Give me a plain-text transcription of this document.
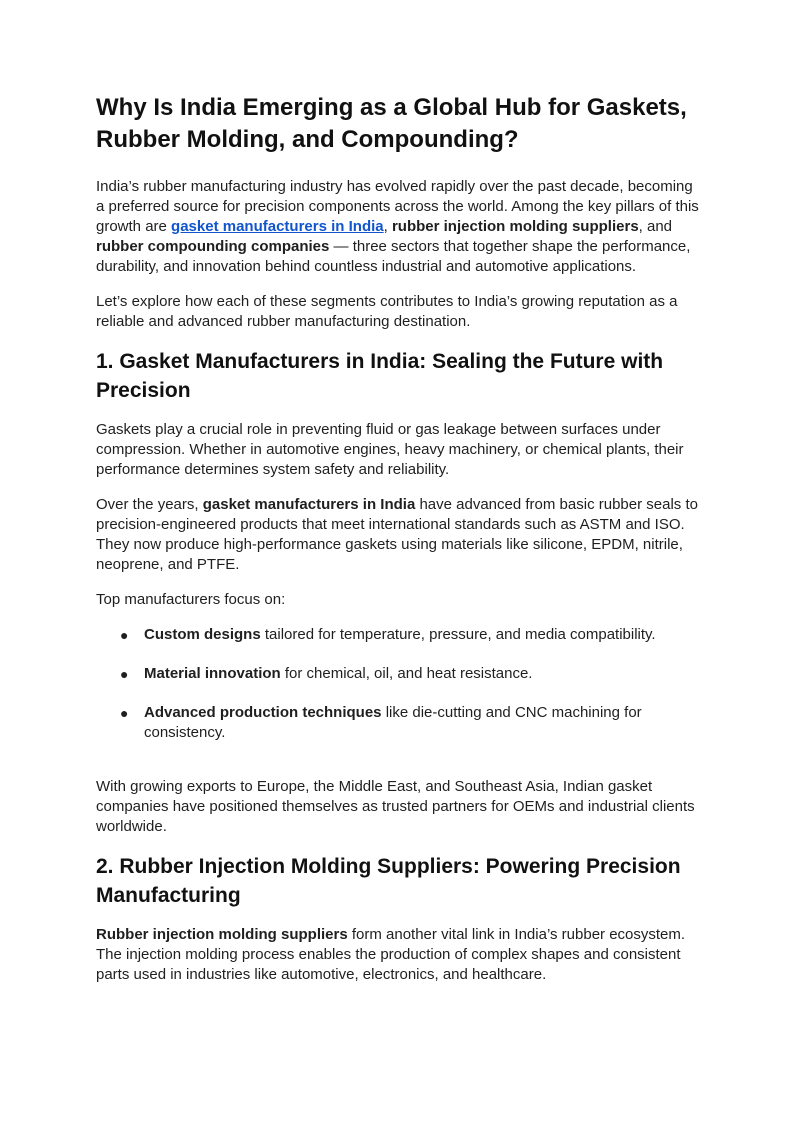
Why Is India Emerging as a Global Hub for Gaskets, Rubber Molding, and Compounding?

India’s rubber manufacturing industry has evolved rapidly over the past decade, becoming a preferred source for precision components across the world. Among the key pillars of this growth are gasket manufacturers in India, rubber injection molding suppliers, and rubber compounding companies — three sectors that together shape the performance, durability, and innovation behind countless industrial and automotive applications.

Let’s explore how each of these segments contributes to India’s growing reputation as a reliable and advanced rubber manufacturing destination.

1. Gasket Manufacturers in India: Sealing the Future with Precision

Gaskets play a crucial role in preventing fluid or gas leakage between surfaces under compression. Whether in automotive engines, heavy machinery, or chemical plants, their performance determines system safety and reliability.

Over the years, gasket manufacturers in India have advanced from basic rubber seals to precision-engineered products that meet international standards such as ASTM and ISO. They now produce high-performance gaskets using materials like silicone, EPDM, nitrile, neoprene, and PTFE.

Top manufacturers focus on:

● Custom designs tailored for temperature, pressure, and media compatibility.
● Material innovation for chemical, oil, and heat resistance.
● Advanced production techniques like die-cutting and CNC machining for consistency.

With growing exports to Europe, the Middle East, and Southeast Asia, Indian gasket companies have positioned themselves as trusted partners for OEMs and industrial clients worldwide.

2. Rubber Injection Molding Suppliers: Powering Precision Manufacturing

Rubber injection molding suppliers form another vital link in India’s rubber ecosystem. The injection molding process enables the production of complex shapes and consistent parts used in industries like automotive, electronics, and healthcare.
